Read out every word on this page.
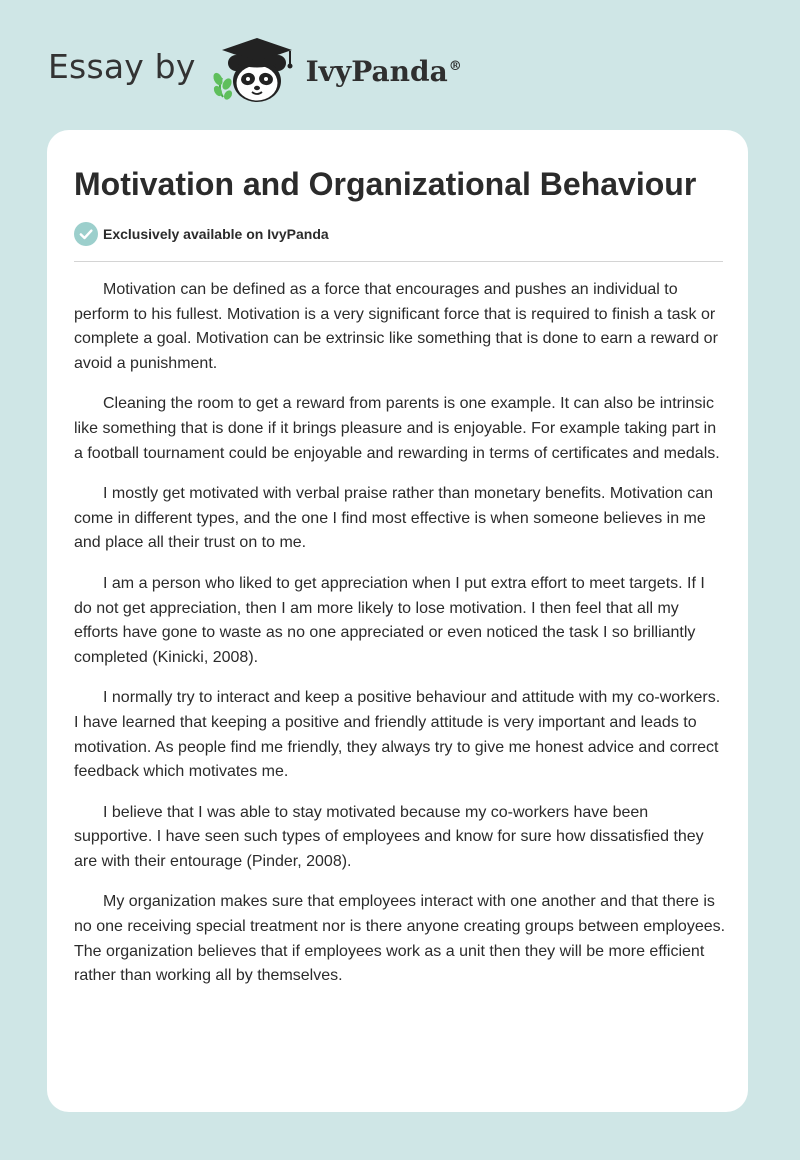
Essay by	IvyPanda®
Motivation and Organizational Behaviour
Exclusively available on IvyPanda

Motivation can be defined as a force that encourages and pushes an individual to perform to his fullest. Motivation is a very significant force that is required to finish a task or complete a goal. Motivation can be extrinsic like something that is done to earn a reward or avoid a punishment.

Cleaning the room to get a reward from parents is one example. It can also be intrinsic like something that is done if it brings pleasure and is enjoyable. For example taking part in a football tournament could be enjoyable and rewarding in terms of certificates and medals.

I mostly get motivated with verbal praise rather than monetary benefits. Motivation can come in different types, and the one I find most effective is when someone believes in me and place all their trust on to me.

I am a person who liked to get appreciation when I put extra effort to meet targets. If I do not get appreciation, then I am more likely to lose motivation. I then feel that all my efforts have gone to waste as no one appreciated or even noticed the task I so brilliantly completed (Kinicki, 2008).

I normally try to interact and keep a positive behaviour and attitude with my co-workers. I have learned that keeping a positive and friendly attitude is very important and leads to motivation. As people find me friendly, they always try to give me honest advice and correct feedback which motivates me.

I believe that I was able to stay motivated because my co-workers have been supportive. I have seen such types of employees and know for sure how dissatisfied they are with their entourage (Pinder, 2008).

My organization makes sure that employees interact with one another and that there is no one receiving special treatment nor is there anyone creating groups between employees. The organization believes that if employees work as a unit then they will be more efficient rather than working all by themselves.
